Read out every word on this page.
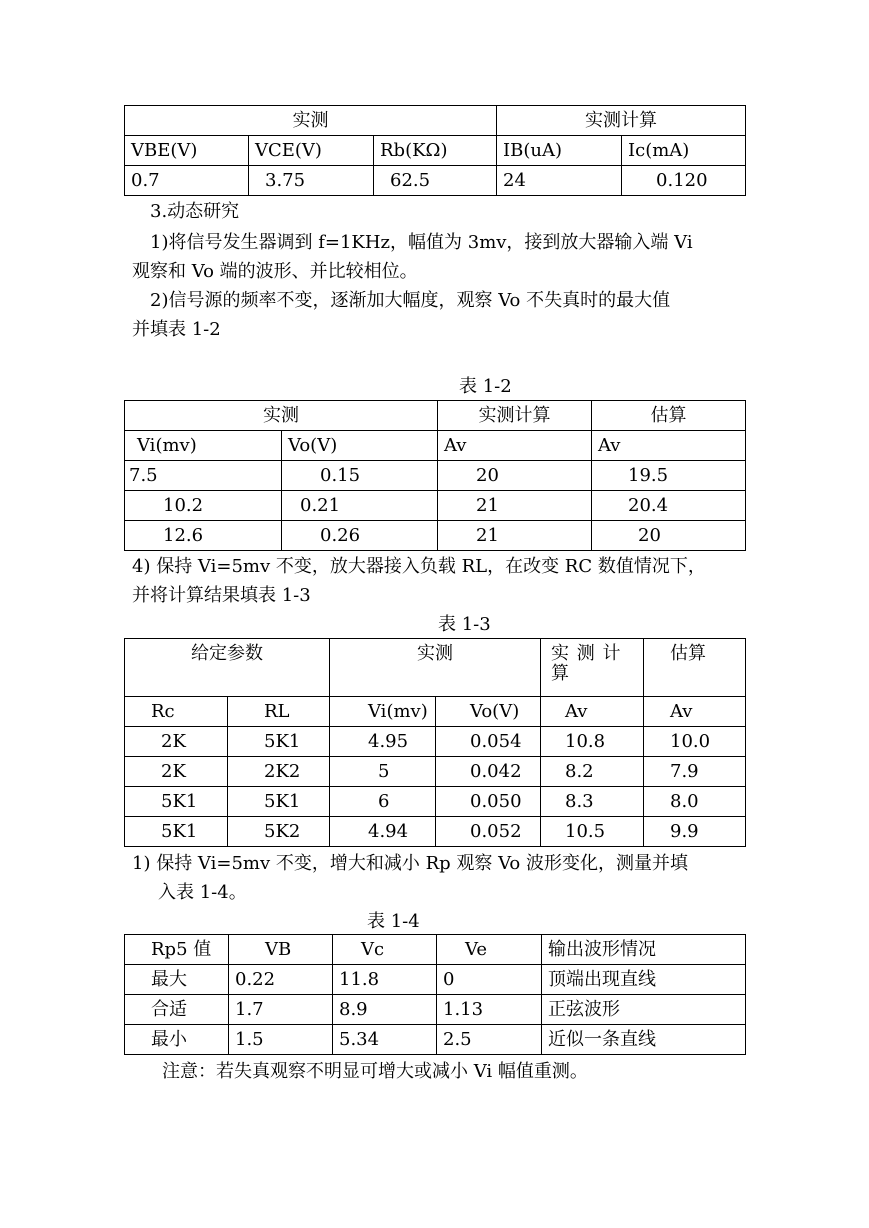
实测			实测计算	
VBE(V)	VCE(V)	Rb(KΩ)	IB(uA)	Ic(mA)
0.7	3.75	62.5	24	0.120
3.动态研究
1)将信号发生器调到 f=1KHz，幅值为 3mv，接到放大器输入端 Vi
观察和 Vo 端的波形、并比较相位。
2)信号源的频率不变，逐渐加大幅度，观察 Vo 不失真时的最大值
并填表 1-2
表 1-2
实测		实测计算	估算
Vi(mv)	Vo(V)	Av	Av
7.5	0.15	20	19.5
10.2	0.21	21	20.4
12.6	0.26	21	20
4) 保持 Vi=5mv 不变，放大器接入负载 RL，在改变 RC 数值情况下，
并将计算结果填表 1-3
表 1-3
给定参数		实测		实 测 计 算	估算
Rc	RL	Vi(mv)	Vo(V)	Av	Av
2K	5K1	4.95	0.054	10.8	10.0
2K	2K2	5	0.042	8.2	7.9
5K1	5K1	6	0.050	8.3	8.0
5K1	5K2	4.94	0.052	10.5	9.9
1) 保持 Vi=5mv 不变，增大和减小 Rp 观察 Vo 波形变化，测量并填
入表 1-4。
表 1-4
Rp5 值	VB	Vc	Ve	输出波形情况
最大	0.22	11.8	0	顶端出现直线
合适	1.7	8.9	1.13	正弦波形
最小	1.5	5.34	2.5	近似一条直线
注意：若失真观察不明显可增大或减小 Vi 幅值重测。
